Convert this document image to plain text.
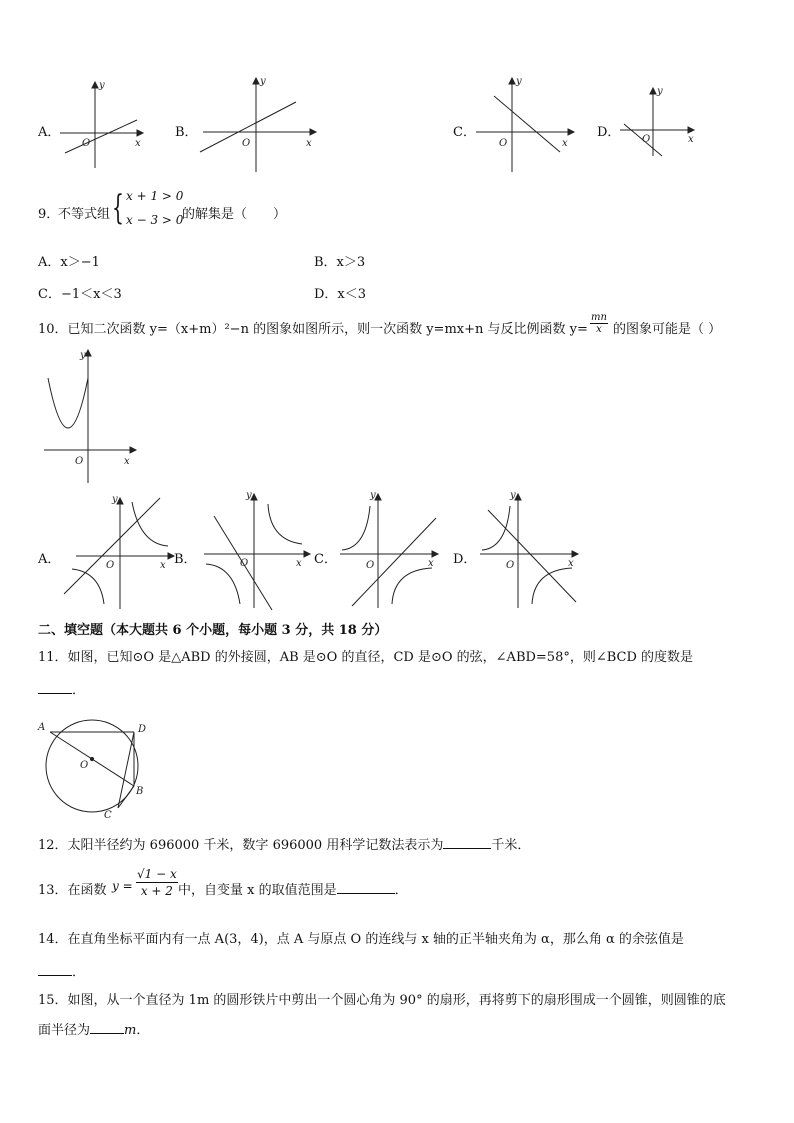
A．
y
x
O
B．
y
x
O
C．
y
x
O
D．
y
x
O
9．
不等式组 { x + 1 > 0
x − 3 > 0
的解集是（　　）
A．x＞−1	B．x＞3
C．−1＜x＜3	D．x＜3
10．已知二次函数 y=（x+m）²−n 的图象如图所示，则一次函数 y=mx+n 与反比例函数 $y= \frac{mn}{x}$ 的图象可能是（ ）
y
x
O
A．
y
x
O	B．
y
x
O	C．
y
x
O	D．
y
x
O
二、填空题（本大题共 6 个小题，每小题 3 分，共 18 分）
11．如图，已知⊙O 是△ABD 的外接圆，AB 是⊙O 的直径，CD 是⊙O 的弦，∠ABD=58°，则∠BCD 的度数是
．
A	D
B
C
O
12．太阳半径约为 696000 千米，数字 696000 用科学记数法表示为	千米．
13．在函数 $y = \frac{√1 - x}{x + 2}$ 中，自变量 x 的取值范围是	．
14．在直角坐标平面内有一点 A(3，4)，点 A 与原点 O 的连线与 x 轴的正半轴夹角为 α，那么角 α 的余弦值是
．
15．如图，从一个直径为 1m 的圆形铁片中剪出一个圆心角为 90° 的扇形，再将剪下的扇形围成一个圆锥，则圆锥的底
面半径为	m．
